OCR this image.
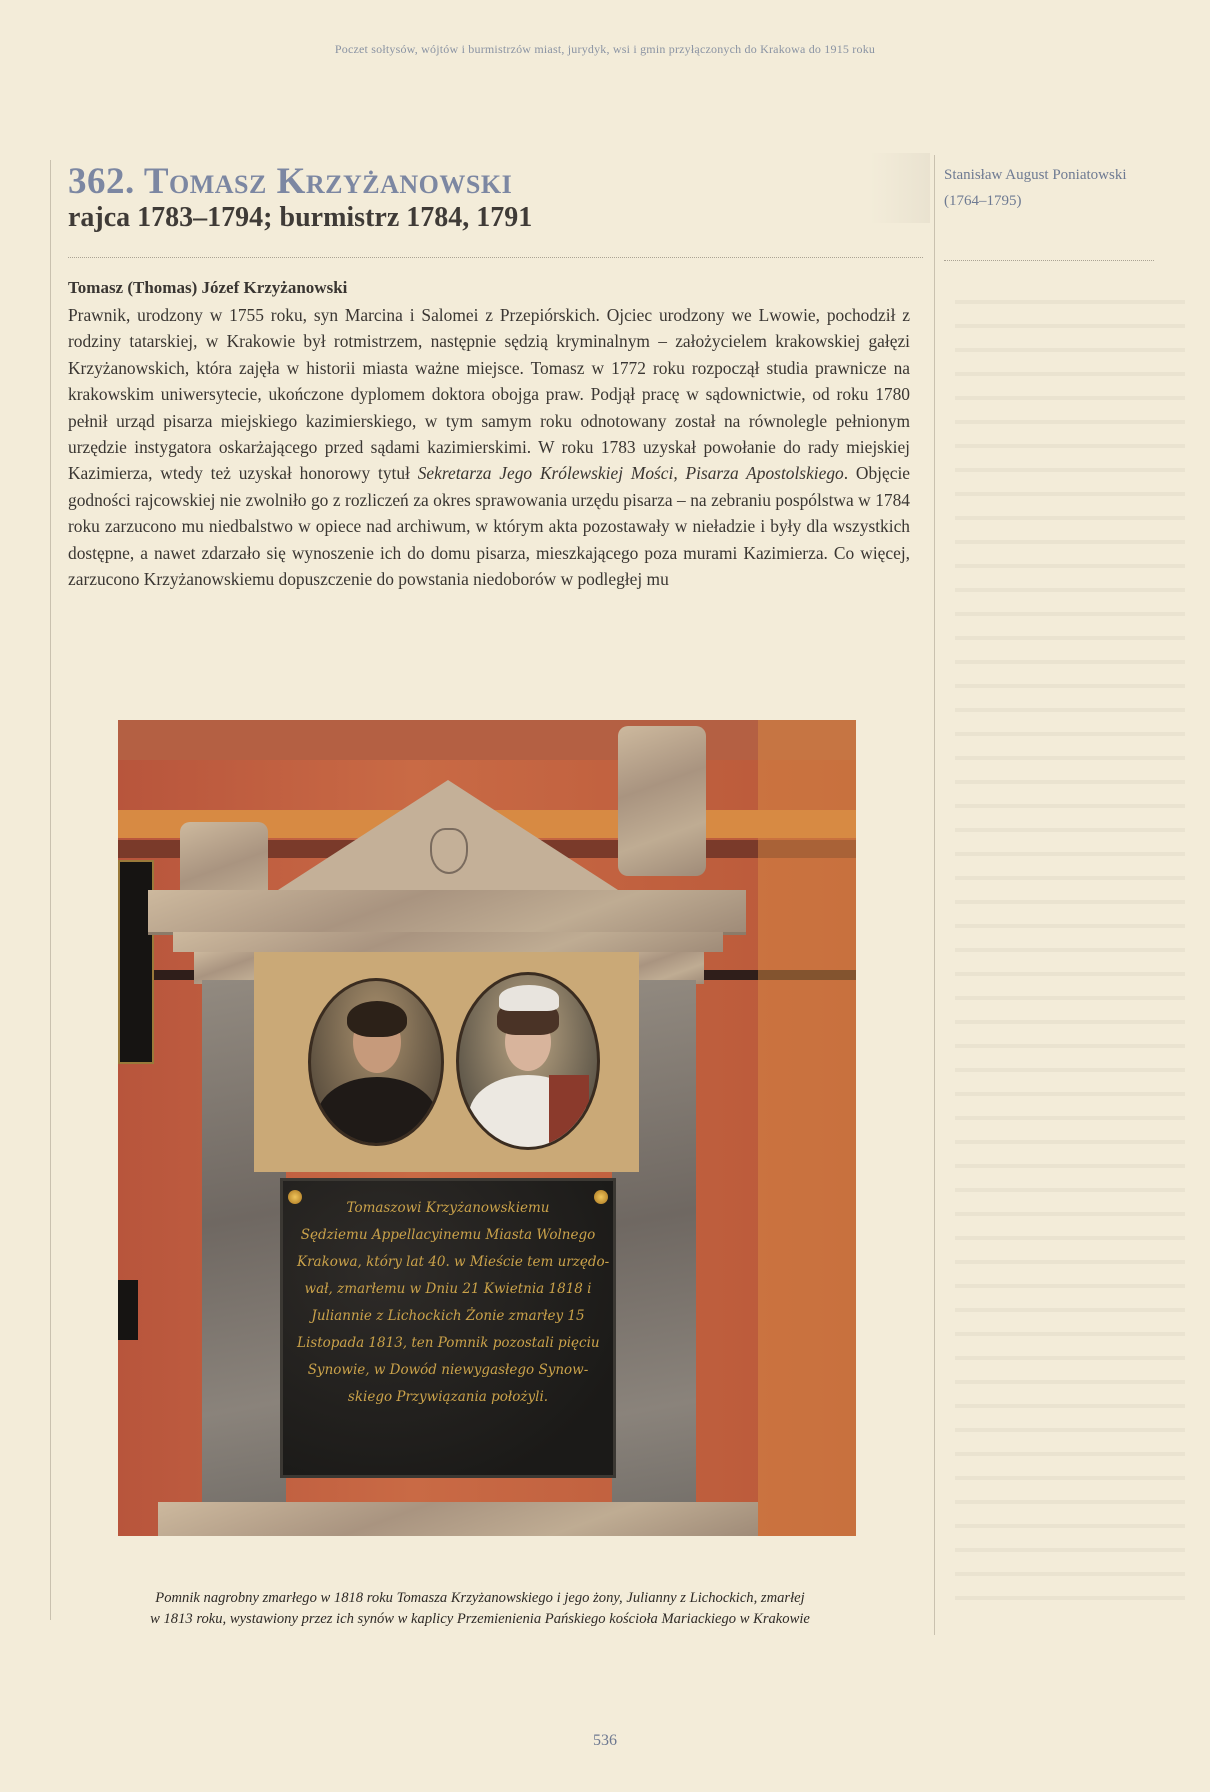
Poczet sołtysów, wójtów i burmistrzów miast, jurydyk, wsi i gmin przyłączonych do Krakowa do 1915 roku
362. Tomasz Krzyżanowski
rajca 1783–1794; burmistrz 1784, 1791
Stanisław August Poniatowski
(1764–1795)
Tomasz (Thomas) Józef Krzyżanowski
Prawnik, urodzony w 1755 roku, syn Marcina i Salomei z Przepiórskich. Ojciec urodzony we Lwowie, pochodził z rodziny tatarskiej, w Krakowie był rotmistrzem, następnie sędzią kryminalnym – założycielem krakowskiej gałęzi Krzyżanowskich, która zajęła w historii miasta ważne miejsce. Tomasz w 1772 roku rozpoczął studia prawnicze na krakowskim uniwersytecie, ukończone dyplomem doktora obojga praw. Podjął pracę w sądownictwie, od roku 1780 pełnił urząd pisarza miejskiego kazimierskiego, w tym samym roku odnotowany został na równolegle pełnionym urzędzie instygatora oskarżającego przed sądami kazimierskimi. W roku 1783 uzyskał powołanie do rady miejskiej Kazimierza, wtedy też uzyskał honorowy tytuł Sekretarza Jego Królewskiej Mości, Pisarza Apostolskiego. Objęcie godności rajcowskiej nie zwolniło go z rozliczeń za okres sprawowania urzędu pisarza – na zebraniu pospólstwa w 1784 roku zarzucono mu niedbalstwo w opiece nad archiwum, w którym akta pozostawały w nieładzie i były dla wszystkich dostępne, a nawet zdarzało się wynoszenie ich do domu pisarza, mieszkającego poza murami Kazimierza. Co więcej, zarzucono Krzyżanowskiemu dopuszczenie do powstania niedoborów w podległej mu
Tomaszowi Krzyżanowskiemu
Sędziemu Appellacyinemu Miasta Wolnego
Krakowa, który lat 40. w Mieście tem urzędo-
wał, zmarłemu w Dniu 21 Kwietnia 1818 i
Juliannie z Lichockich Żonie zmarłey 15
Listopada 1813, ten Pomnik pozostali pięciu
Synowie, w Dowód niewygasłego Synow-
skiego Przywiązania położyli.
Pomnik nagrobny zmarłego w 1818 roku Tomasza Krzyżanowskiego i jego żony, Julianny z Lichockich, zmarłej
w 1813 roku, wystawiony przez ich synów w kaplicy Przemienienia Pańskiego kościoła Mariackiego w Krakowie
536
